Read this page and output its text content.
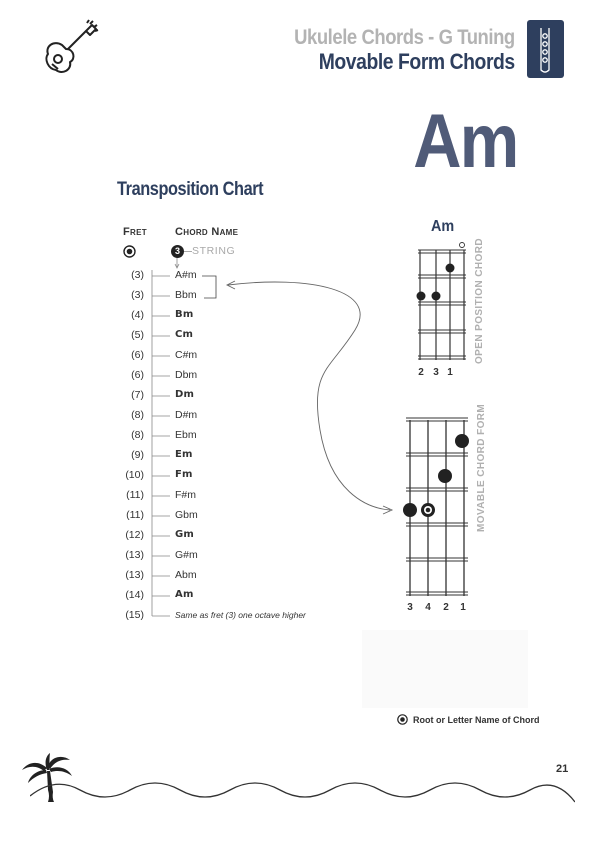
Ukulele Chords - G Tuning
Movable Form Chords
Am
Transposition Chart
Fret	Chord Name
3	STRING
(3)	A#m
(3)	Bbm
(4)	Bm
(5)	Cm
(6)	C#m
(6)	Dbm
(7)	Dm
(8)	D#m
(8)	Ebm
(9)	Em
(10)	Fm
(11)	F#m
(11)	Gbm
(12)	Gm
(13)	G#m
(13)	Abm
(14)	Am
(15)	Same as fret (3) one octave higher
Am
2 3 1
OPEN POSITION CHORD
3	4	2	1
MOVABLE CHORD FORM
Root or Letter Name of Chord
21
